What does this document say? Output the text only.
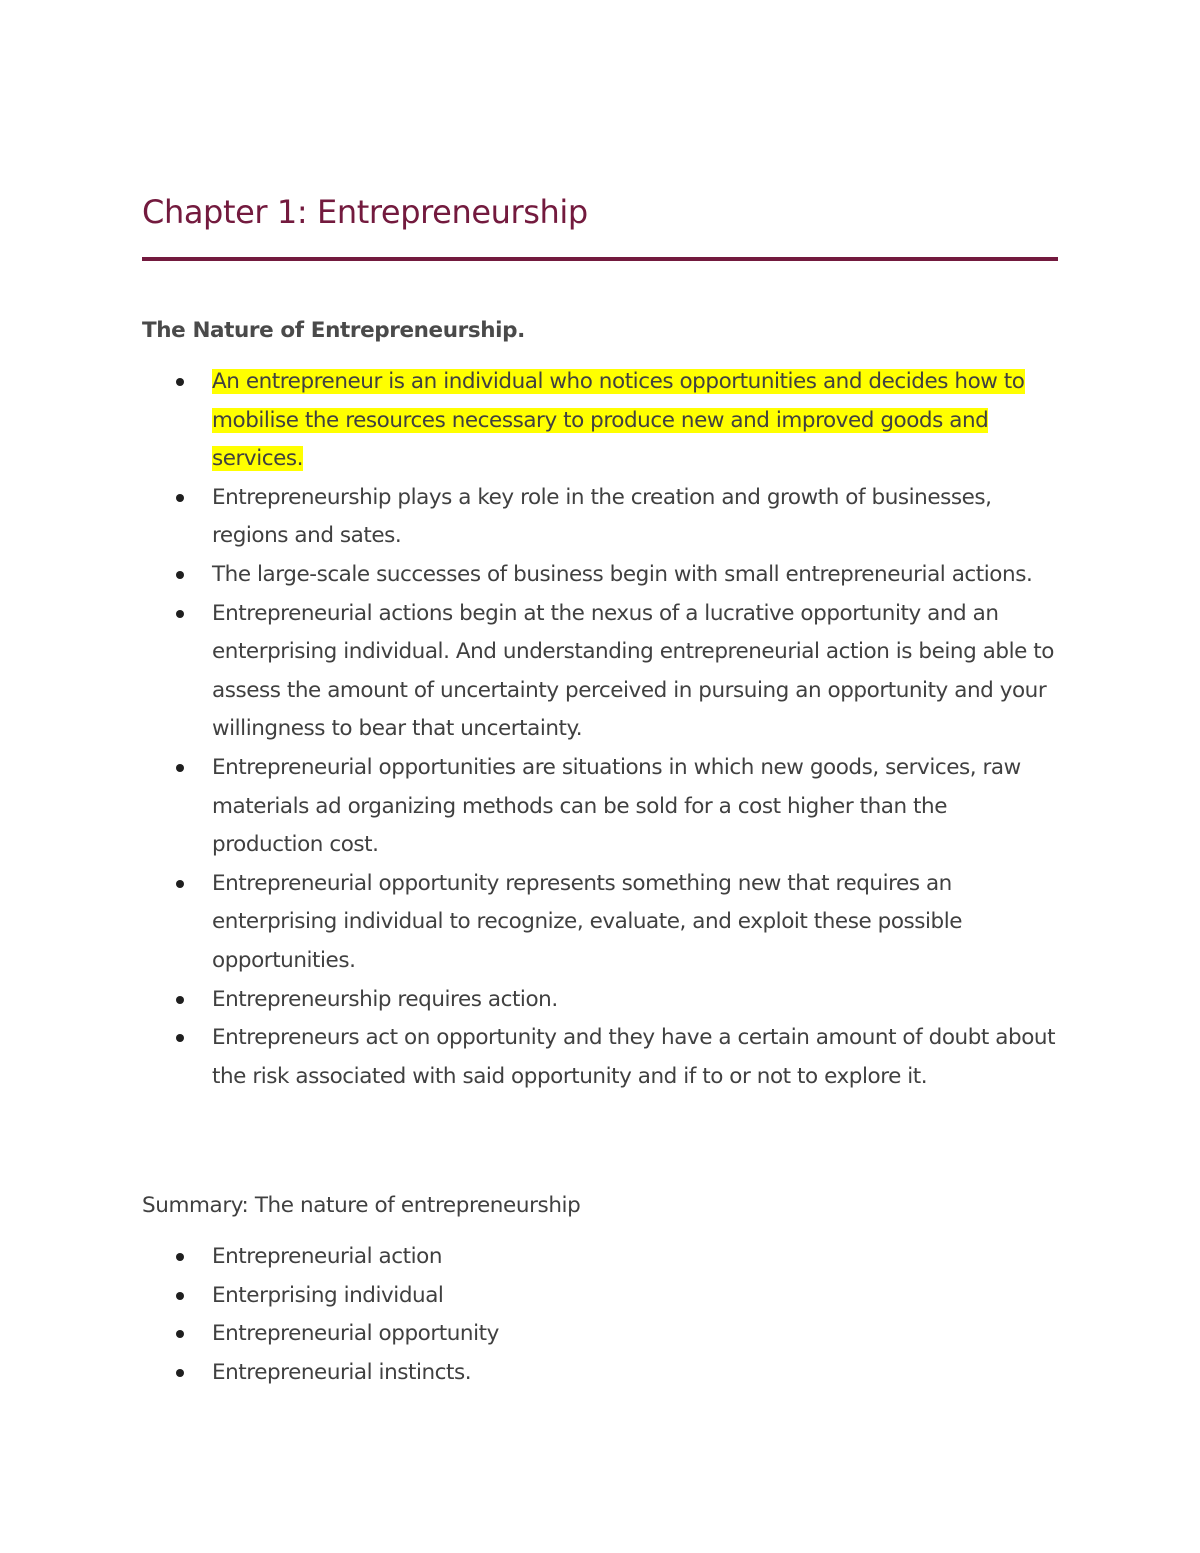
Chapter 1: Entrepreneurship
The Nature of Entrepreneurship.
An entrepreneur is an individual who notices opportunities and decides how to mobilise the resources necessary to produce new and improved goods and services.
Entrepreneurship plays a key role in the creation and growth of businesses, regions and sates.
The large-scale successes of business begin with small entrepreneurial actions.
Entrepreneurial actions begin at the nexus of a lucrative opportunity and an enterprising individual. And understanding entrepreneurial action is being able to assess the amount of uncertainty perceived in pursuing an opportunity and your willingness to bear that uncertainty.
Entrepreneurial opportunities are situations in which new goods, services, raw materials ad organizing methods can be sold for a cost higher than the production cost.
Entrepreneurial opportunity represents something new that requires an enterprising individual to recognize, evaluate, and exploit these possible opportunities.
Entrepreneurship requires action.
Entrepreneurs act on opportunity and they have a certain amount of doubt about the risk associated with said opportunity and if to or not to explore it.
Summary: The nature of entrepreneurship
Entrepreneurial action
Enterprising individual
Entrepreneurial opportunity
Entrepreneurial instincts.
